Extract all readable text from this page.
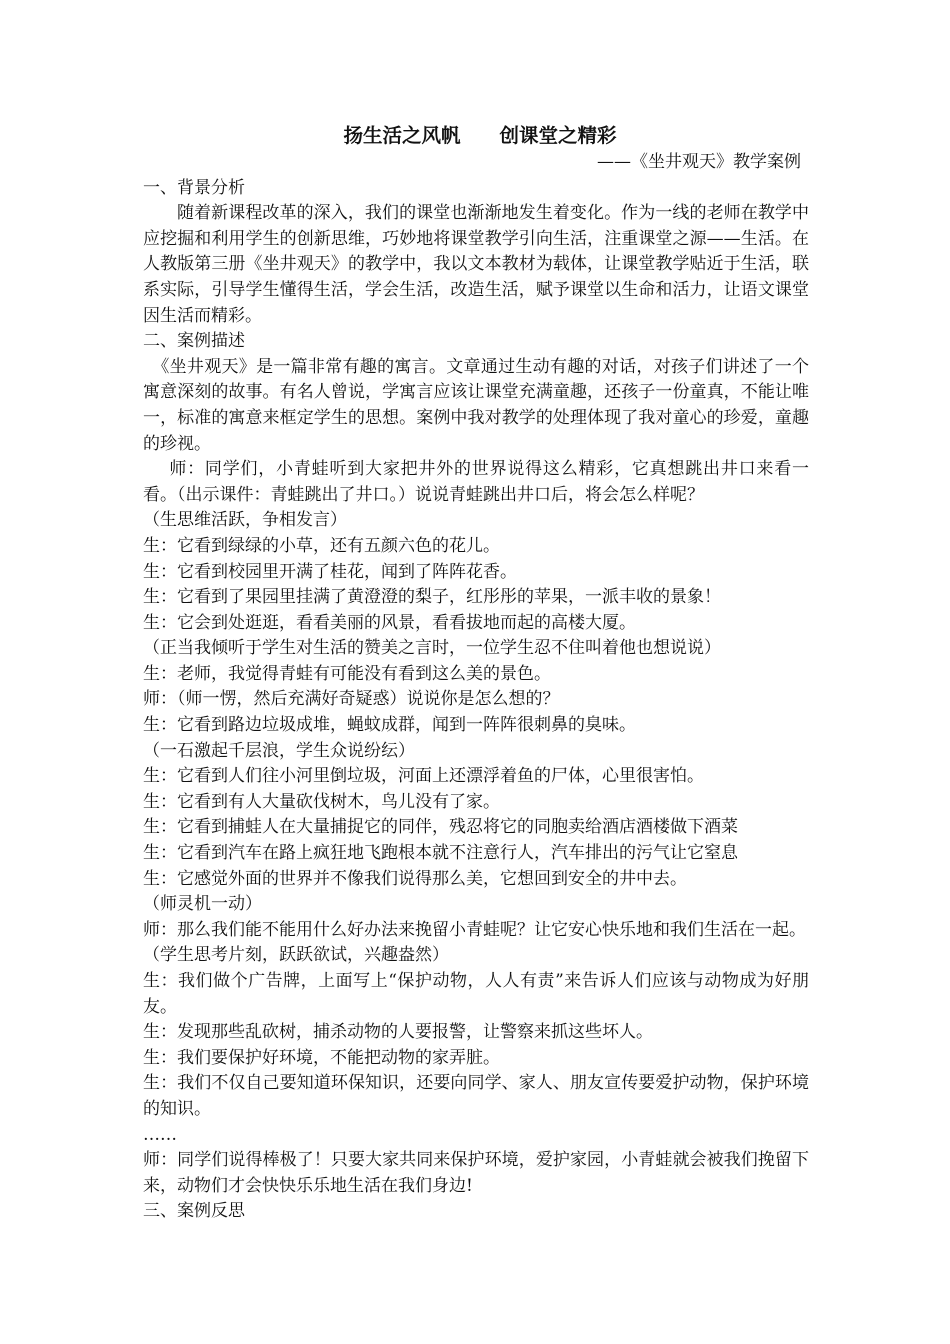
扬生活之风帆　　创课堂之精彩

——《坐井观天》教学案例

一、背景分析

随着新课程改革的深入，我们的课堂也渐渐地发生着变化。作为一线的老师在教学中应挖掘和利用学生的创新思维，巧妙地将课堂教学引向生活，注重课堂之源——生活。在人教版第三册《坐井观天》的教学中，我以文本教材为载体，让课堂教学贴近于生活，联系实际，引导学生懂得生活，学会生活，改造生活，赋予课堂以生命和活力，让语文课堂因生活而精彩。

二、案例描述

《坐井观天》是一篇非常有趣的寓言。文章通过生动有趣的对话，对孩子们讲述了一个寓意深刻的故事。有名人曾说，学寓言应该让课堂充满童趣，还孩子一份童真，不能让唯一，标准的寓意来框定学生的思想。案例中我对教学的处理体现了我对童心的珍爱，童趣的珍视。

师：同学们，小青蛙听到大家把井外的世界说得这么精彩，它真想跳出井口来看一看。（出示课件：青蛙跳出了井口。）说说青蛙跳出井口后，将会怎么样呢？

（生思维活跃，争相发言）

生：它看到绿绿的小草，还有五颜六色的花儿。

生：它看到校园里开满了桂花，闻到了阵阵花香。

生：它看到了果园里挂满了黄澄澄的梨子，红彤彤的苹果，一派丰收的景象！

生：它会到处逛逛，看看美丽的风景，看看拔地而起的高楼大厦。

（正当我倾听于学生对生活的赞美之言时，一位学生忍不住叫着他也想说说）

生：老师，我觉得青蛙有可能没有看到这么美的景色。

师：（师一愣，然后充满好奇疑惑）说说你是怎么想的？

生：它看到路边垃圾成堆，蝇蚊成群，闻到一阵阵很刺鼻的臭味。

（一石激起千层浪，学生众说纷纭）

生：它看到人们往小河里倒垃圾，河面上还漂浮着鱼的尸体，心里很害怕。

生：它看到有人大量砍伐树木，鸟儿没有了家。

生：它看到捕蛙人在大量捕捉它的同伴，残忍将它的同胞卖给酒店酒楼做下酒菜

生：它看到汽车在路上疯狂地飞跑根本就不注意行人，汽车排出的污气让它窒息

生：它感觉外面的世界并不像我们说得那么美，它想回到安全的井中去。

（师灵机一动）

师：那么我们能不能用什么好办法来挽留小青蛙呢？让它安心快乐地和我们生活在一起。

（学生思考片刻，跃跃欲试，兴趣盎然）

生：我们做个广告牌，上面写上“保护动物，人人有责”来告诉人们应该与动物成为好朋友。

生：发现那些乱砍树，捕杀动物的人要报警，让警察来抓这些坏人。

生：我们要保护好环境，不能把动物的家弄脏。

生：我们不仅自己要知道环保知识，还要向同学、家人、朋友宣传要爱护动物，保护环境的知识。

……

师：同学们说得棒极了！只要大家共同来保护环境，爱护家园，小青蛙就会被我们挽留下来，动物们才会快快乐乐地生活在我们身边!

三、案例反思
